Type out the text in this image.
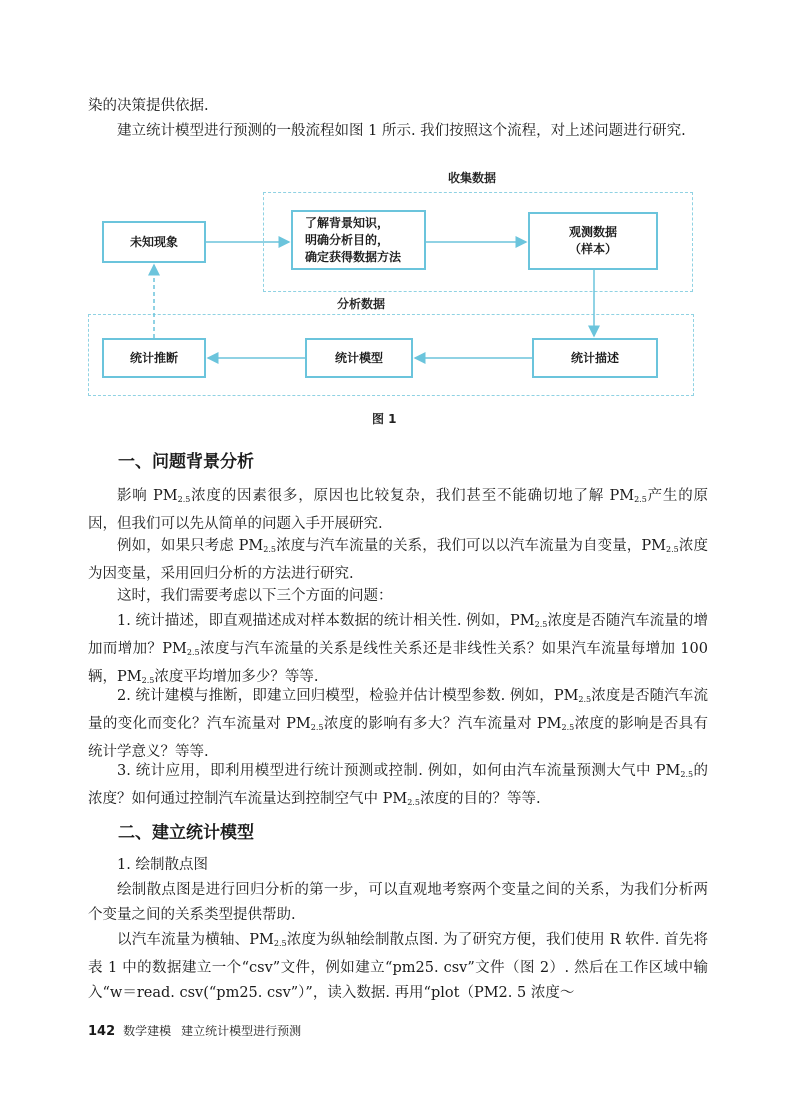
染的决策提供依据.

建立统计模型进行预测的一般流程如图 1 所示. 我们按照这个流程，对上述问题进行研究.

收集数据
分析数据
未知现象
了解背景知识，
明确分析目的，
确定获得数据方法
观测数据
（样本）
统计推断	统计模型	统计描述
图 1
一、问题背景分析

影响 $PM_{2.5}$浓度的因素很多，原因也比较复杂，我们甚至不能确切地了解 $PM_{2.5}$产生的原因，但我们可以先从简单的问题入手开展研究.

例如，如果只考虑 $PM_{2.5}$浓度与汽车流量的关系，我们可以以汽车流量为自变量，$PM_{2.5}$浓度为因变量，采用回归分析的方法进行研究.

这时，我们需要考虑以下三个方面的问题：

1. 统计描述，即直观描述成对样本数据的统计相关性. 例如，$PM_{2.5}$浓度是否随汽车流量的增加而增加？$PM_{2.5}$浓度与汽车流量的关系是线性关系还是非线性关系？如果汽车流量每增加 100 辆，$PM_{2.5}$浓度平均增加多少？等等.

2. 统计建模与推断，即建立回归模型，检验并估计模型参数. 例如，$PM_{2.5}$浓度是否随汽车流量的变化而变化？汽车流量对 $PM_{2.5}$浓度的影响有多大？汽车流量对 $PM_{2.5}$浓度的影响是否具有统计学意义？等等.

3. 统计应用，即利用模型进行统计预测或控制. 例如，如何由汽车流量预测大气中 $PM_{2.5}$的浓度？如何通过控制汽车流量达到控制空气中 $PM_{2.5}$浓度的目的？等等.

二、建立统计模型

1. 绘制散点图

绘制散点图是进行回归分析的第一步，可以直观地考察两个变量之间的关系，为我们分析两个变量之间的关系类型提供帮助.

以汽车流量为横轴、$PM_{2.5}$浓度为纵轴绘制散点图. 为了研究方便，我们使用 R 软件. 首先将表 1 中的数据建立一个“csv”文件，例如建立“pm25. csv”文件（图 2）. 然后在工作区域中输入“w＝read. csv(“pm25. csv”）”，读入数据. 再用“plot（PM2. 5 浓度～

142 数学建模 建立统计模型进行预测
